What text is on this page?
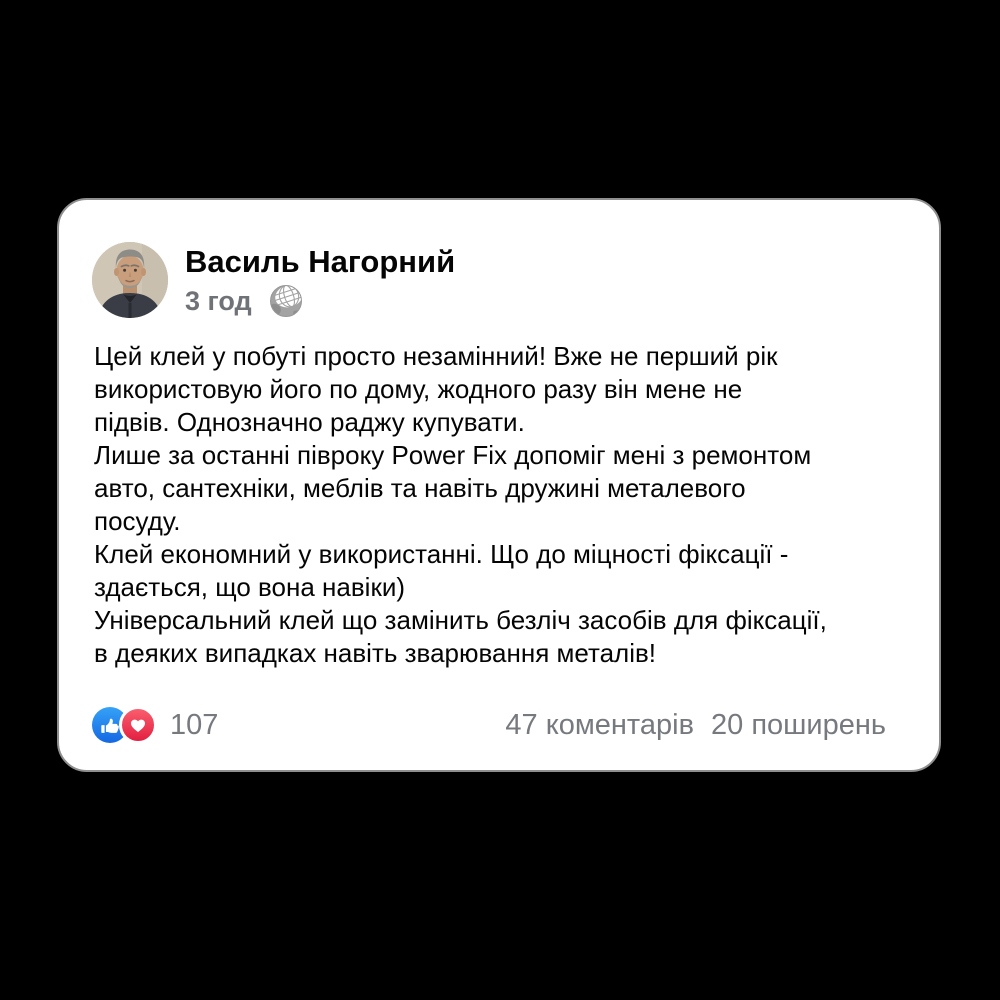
Василь Нагорний
3 год
Цей клей у побуті просто незамінний! Вже не перший рік
використовую його по дому, жодного разу він мене не
підвів. Однозначно раджу купувати.
Лише за останні півроку Power Fix допоміг мені з ремонтом
авто, сантехніки, меблів та навіть дружині металевого
посуду.
Клей економний у використанні. Що до міцності фіксації -
здається, що вона навіки)
Універсальний клей що замінить безліч засобів для фіксації,
в деяких випадках навіть зварювання металів!
107	47 коментарів 20 поширень
